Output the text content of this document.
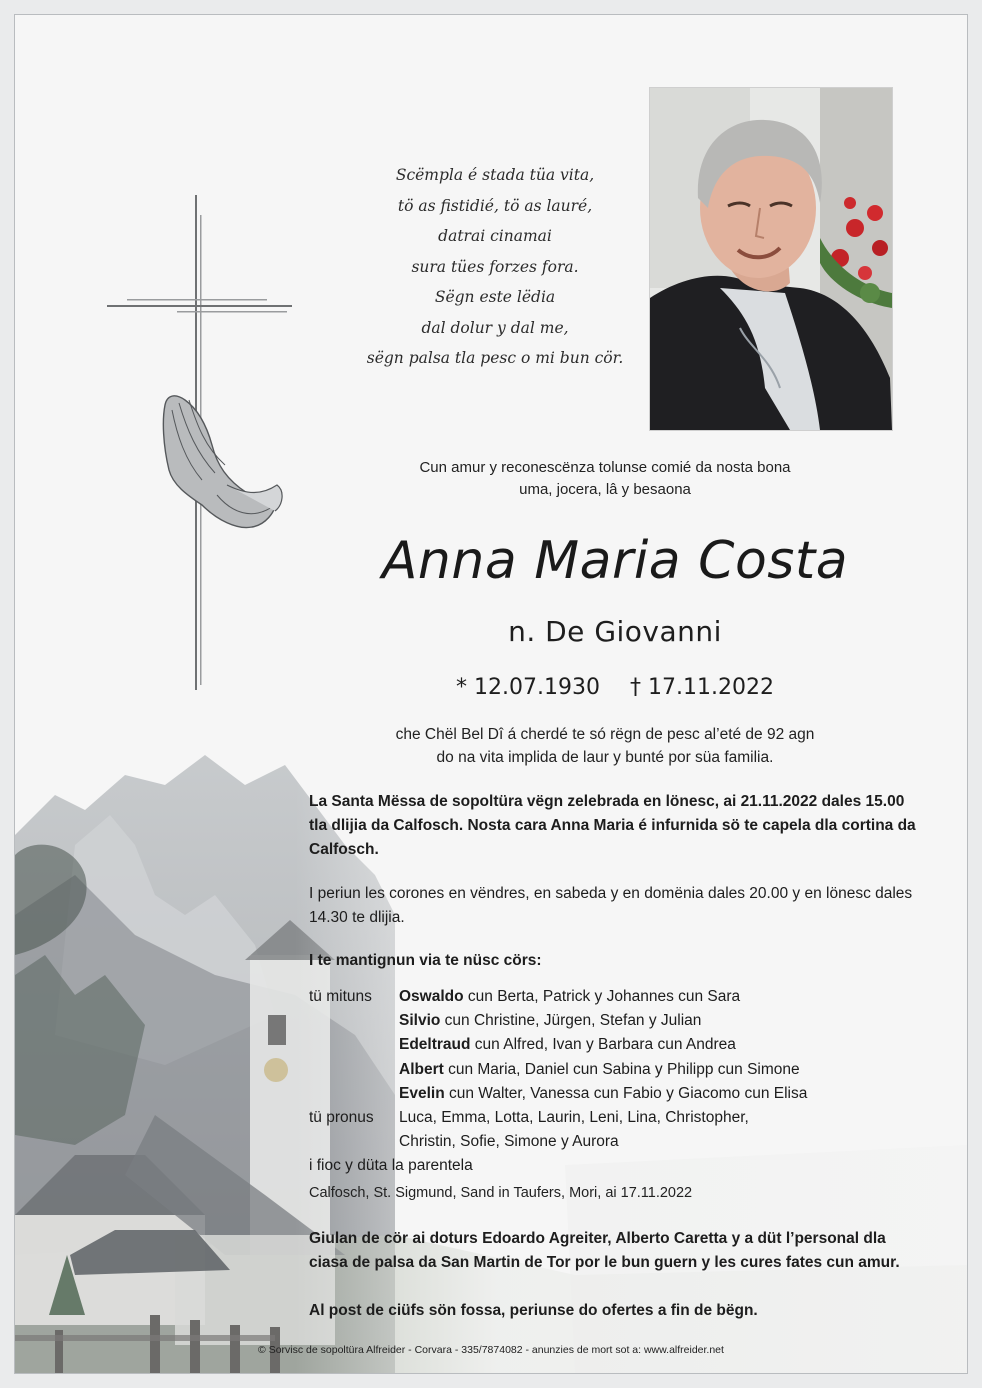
Scëmpla é stada tüa vita,
tö as fistidié, tö as lauré,
datrai cinamai
sura tües forzes fora.
Sëgn este lëdia
dal dolur y dal me,
sëgn palsa tla pesc o mi bun cör.
Cun amur y reconescënza tolunse comié da nosta bona
uma, jocera, lâ y besaona
Anna Maria Costa
n. De Giovanni
* 12.07.1930 † 17.11.2022
che Chël Bel Dî á cherdé te só rëgn de pesc al’eté de 92 agn
do na vita implida de laur y bunté por süa familia.
La Santa Mëssa de sopoltüra vëgn zelebrada en lönesc, ai 21.11.2022 dales 15.00 tla dlijia da Calfosch. Nosta cara Anna Maria é infurnida sö te capela dla cortina da Calfosch.
I periun les corones en vëndres, en sabeda y en domënia dales 20.00 y en lönesc dales 14.30 te dlijia.
I te mantignun via te nüsc cörs:
tü mituns	Oswaldo cun Berta, Patrick y Johannes cun Sara
Silvio cun Christine, Jürgen, Stefan y Julian
Edeltraud cun Alfred, Ivan y Barbara cun Andrea
Albert cun Maria, Daniel cun Sabina y Philipp cun Simone
Evelin cun Walter, Vanessa cun Fabio y Giacomo cun Elisa
tü pronus	Luca, Emma, Lotta, Laurin, Leni, Lina, Christopher,
Christin, Sofie, Simone y Aurora
i fioc y düta la parentela
Calfosch, St. Sigmund, Sand in Taufers, Mori, ai 17.11.2022
Giulan de cör ai doturs Edoardo Agreiter, Alberto Caretta y a düt l’personal dla ciasa de palsa da San Martin de Tor por le bun guern y les cures fates cun amur.
Al post de ciüfs sön fossa, periunse do ofertes a fin de bëgn.
© Sorvisc de sopoltüra Alfreider - Corvara - 335/7874082 - anunzies de mort sot a: www.alfreider.net
